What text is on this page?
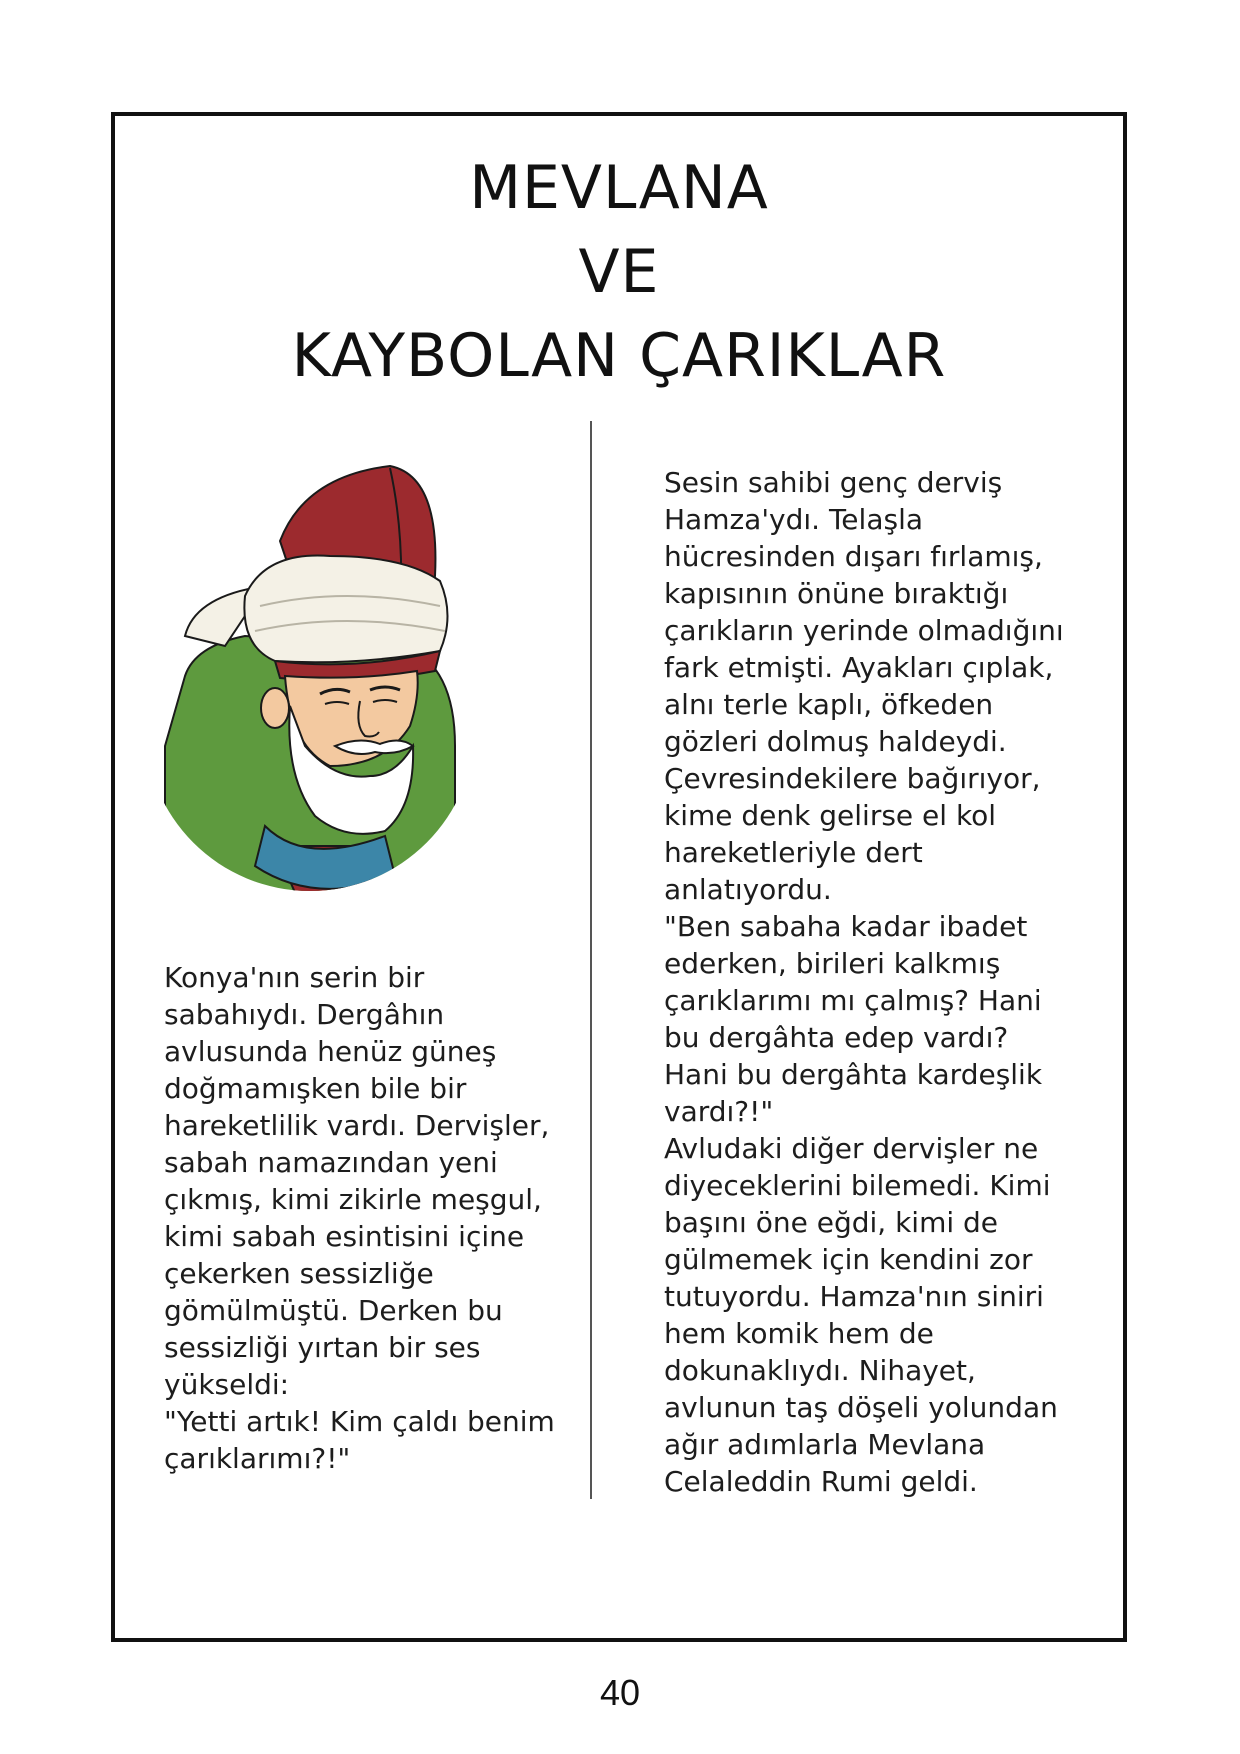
MEVLANA
VE
KAYBOLAN ÇARIKLAR

Konya'nın serin bir
sabahıydı. Dergâhın
avlusunda henüz güneş
doğmamışken bile bir
hareketlilik vardı. Dervişler,
sabah namazından yeni
çıkmış, kimi zikirle meşgul,
kimi sabah esintisini içine
çekerken sessizliğe
gömülmüştü. Derken bu
sessizliği yırtan bir ses
yükseldi:
"Yetti artık! Kim çaldı benim
çarıklarımı?!"

Sesin sahibi genç derviş
Hamza'ydı. Telaşla
hücresinden dışarı fırlamış,
kapısının önüne bıraktığı
çarıkların yerinde olmadığını
fark etmişti. Ayakları çıplak,
alnı terle kaplı, öfkeden
gözleri dolmuş haldeydi.
Çevresindekilere bağırıyor,
kime denk gelirse el kol
hareketleriyle dert
anlatıyordu.
"Ben sabaha kadar ibadet
ederken, birileri kalkmış
çarıklarımı mı çalmış? Hani
bu dergâhta edep vardı?
Hani bu dergâhta kardeşlik
vardı?!"
Avludaki diğer dervişler ne
diyeceklerini bilemedi. Kimi
başını öne eğdi, kimi de
gülmemek için kendini zor
tutuyordu. Hamza'nın siniri
hem komik hem de
dokunaklıydı. Nihayet,
avlunun taş döşeli yolundan
ağır adımlarla Mevlana
Celaleddin Rumi geldi.

40
